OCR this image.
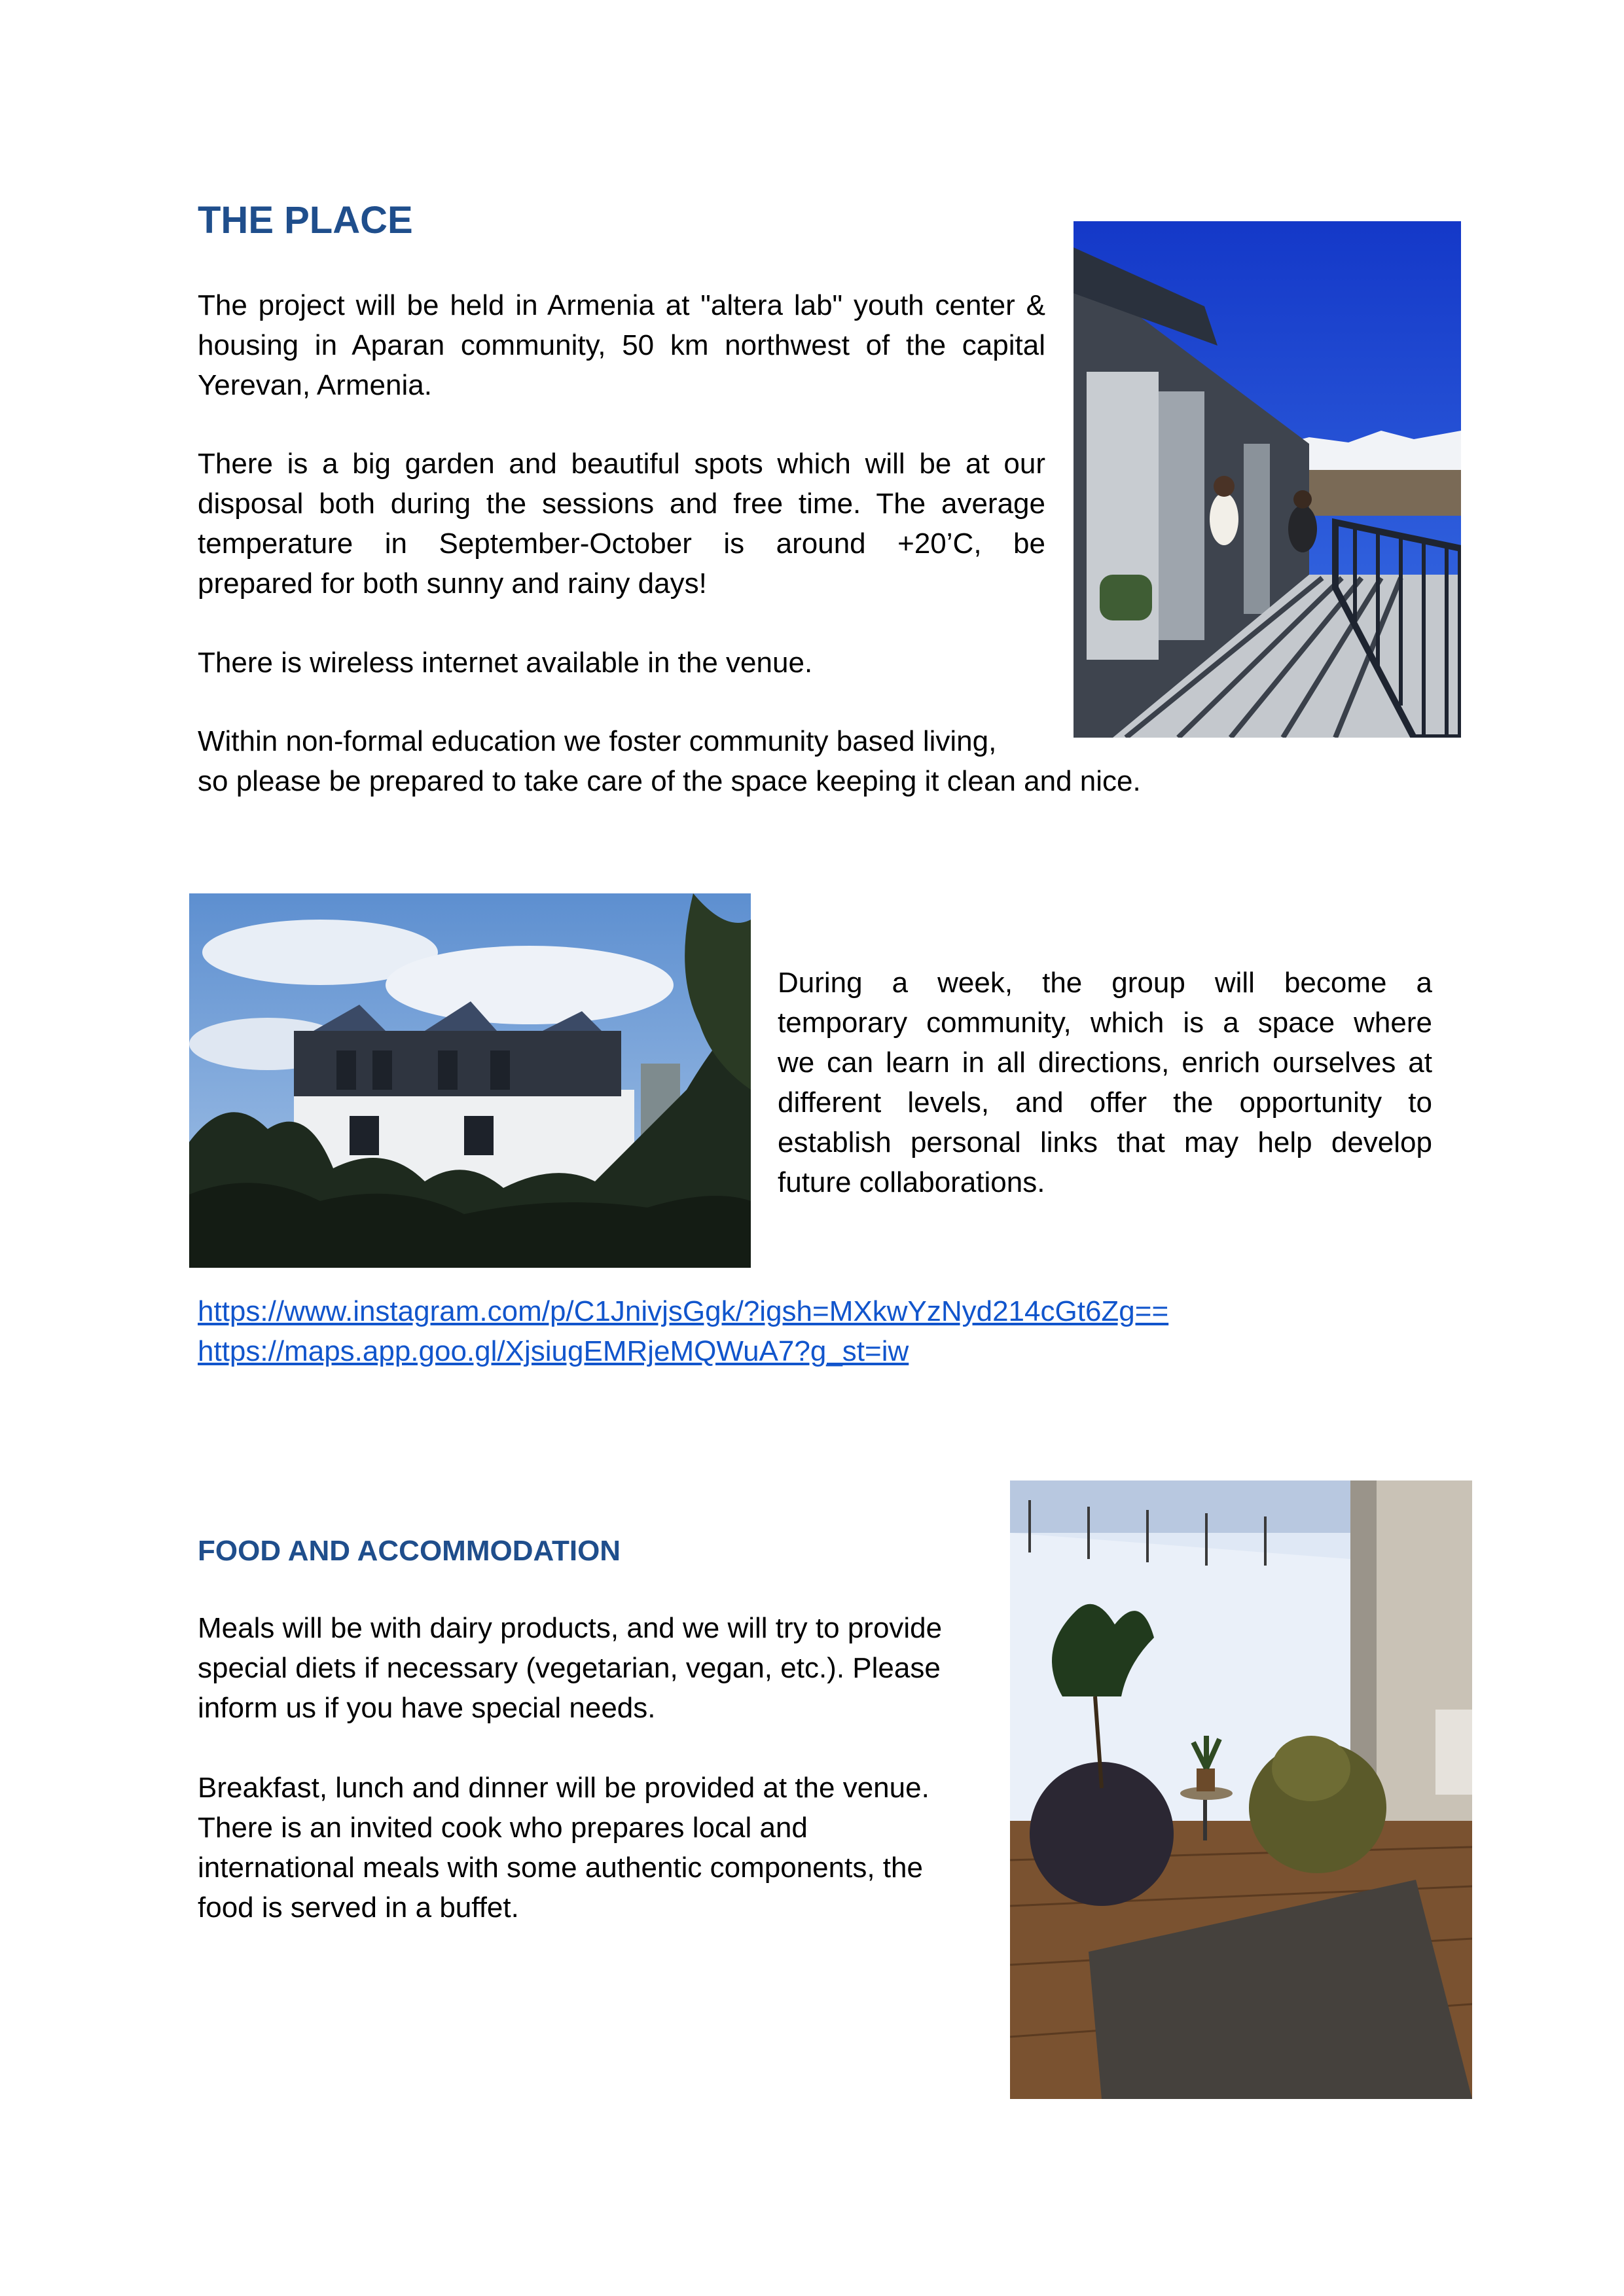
THE PLACE
The project will be held in Armenia at "altera lab" youth center &
housing in Aparan community, 50 km northwest of the capital
Yerevan, Armenia.
There is a big garden and beautiful spots which will be at our
disposal both during the sessions and free time. The average
temperature in September-October is around +20’C, be
prepared for both sunny and rainy days!
There is wireless internet available in the venue.
Within non-formal education we foster community based living,
so please be prepared to take care of the space keeping it clean and nice.
During a week, the group will become a
temporary community, which is a space where
we can learn in all directions, enrich ourselves at
different levels, and offer the opportunity to
establish personal links that may help develop
future collaborations.
https://www.instagram.com/p/C1JnivjsGgk/?igsh=MXkwYzNyd214cGt6Zg==
https://maps.app.goo.gl/XjsiugEMRjeMQWuA7?g_st=iw
FOOD AND ACCOMMODATION
Meals will be with dairy products, and we will try to provide
special diets if necessary (vegetarian, vegan, etc.). Please
inform us if you have special needs.
Breakfast, lunch and dinner will be provided at the venue.
There is an invited cook who prepares local and
international meals with some authentic components, the
food is served in a buffet.
